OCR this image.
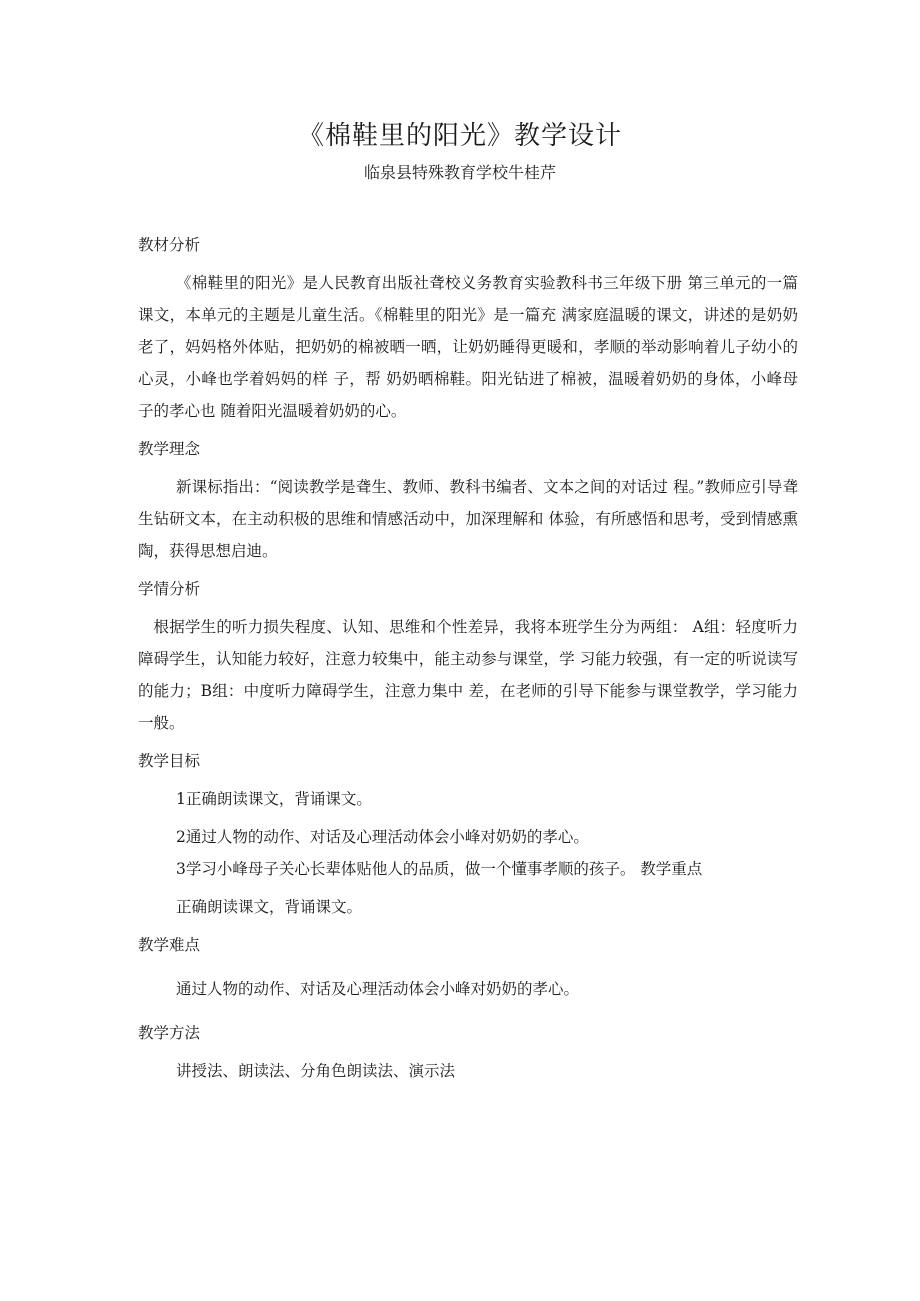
《棉鞋里的阳光》教学设计
临泉县特殊教育学校牛桂芹
教材分析
《棉鞋里的阳光》是人民教育出版社聋校义务教育实验教科书三年级下册 第三单元的一篇课文，本单元的主题是儿童生活。《棉鞋里的阳光》是一篇充 满家庭温暖的课文，讲述的是奶奶老了，妈妈格外体贴，把奶奶的棉被晒一晒，让奶奶睡得更暖和，孝顺的举动影响着儿子幼小的心灵，小峰也学着妈妈的样 子，帮 奶奶晒棉鞋。阳光钻进了棉被，温暖着奶奶的身体，小峰母子的孝心也 随着阳光温暖着奶奶的心。
教学理念
新课标指出：“阅读教学是聋生、教师、教科书编者、文本之间的对话过 程。”教师应引导聋生钻研文本，在主动积极的思维和情感活动中，加深理解和 体验，有所感悟和思考，受到情感熏陶，获得思想启迪。
学情分析
根据学生的听力损失程度、认知、思维和个性差异，我将本班学生分为两组： A组：轻度听力障碍学生，认知能力较好，注意力较集中，能主动参与课堂，学 习能力较强，有一定的听说读写的能力；B组：中度听力障碍学生，注意力集中 差，在老师的引导下能参与课堂教学，学习能力一般。
教学目标
1正确朗读课文，背诵课文。
2通过人物的动作、对话及心理活动体会小峰对奶奶的孝心。
3学习小峰母子关心长辈体贴他人的品质，做一个懂事孝顺的孩子。 教学重点
正确朗读课文，背诵课文。
教学难点
通过人物的动作、对话及心理活动体会小峰对奶奶的孝心。
教学方法
讲授法、朗读法、分角色朗读法、演示法
